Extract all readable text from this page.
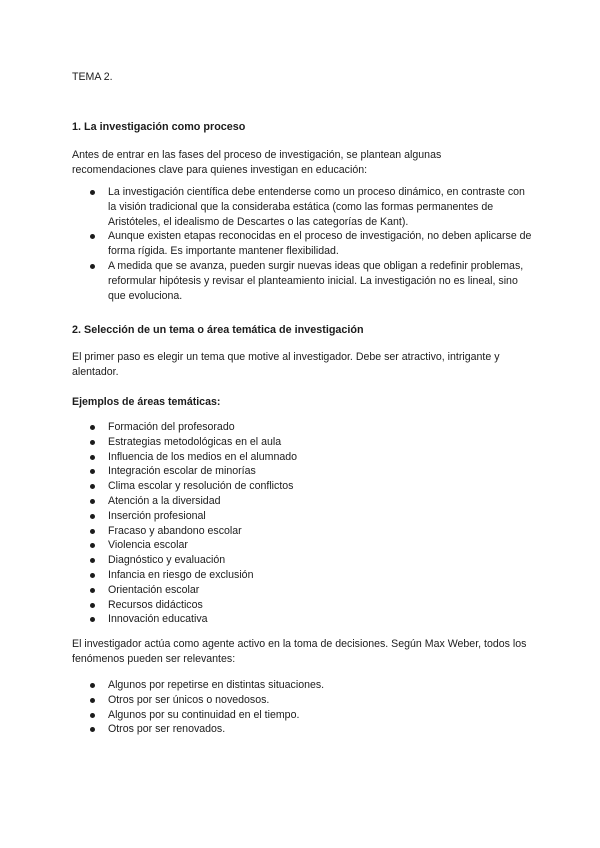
TEMA 2.

1. La investigación como proceso

Antes de entrar en las fases del proceso de investigación, se plantean algunas recomendaciones clave para quienes investigan en educación:

La investigación científica debe entenderse como un proceso dinámico, en contraste con la visión tradicional que la consideraba estática (como las formas permanentes de Aristóteles, el idealismo de Descartes o las categorías de Kant).
Aunque existen etapas reconocidas en el proceso de investigación, no deben aplicarse de forma rígida. Es importante mantener flexibilidad.
A medida que se avanza, pueden surgir nuevas ideas que obligan a redefinir problemas, reformular hipótesis y revisar el planteamiento inicial. La investigación no es lineal, sino que evoluciona.

2. Selección de un tema o área temática de investigación

El primer paso es elegir un tema que motive al investigador. Debe ser atractivo, intrigante y alentador.

Ejemplos de áreas temáticas:

Formación del profesorado
Estrategias metodológicas en el aula
Influencia de los medios en el alumnado
Integración escolar de minorías
Clima escolar y resolución de conflictos
Atención a la diversidad
Inserción profesional
Fracaso y abandono escolar
Violencia escolar
Diagnóstico y evaluación
Infancia en riesgo de exclusión
Orientación escolar
Recursos didácticos
Innovación educativa

El investigador actúa como agente activo en la toma de decisiones. Según Max Weber, todos los fenómenos pueden ser relevantes:

Algunos por repetirse en distintas situaciones.
Otros por ser únicos o novedosos.
Algunos por su continuidad en el tiempo.
Otros por ser renovados.
